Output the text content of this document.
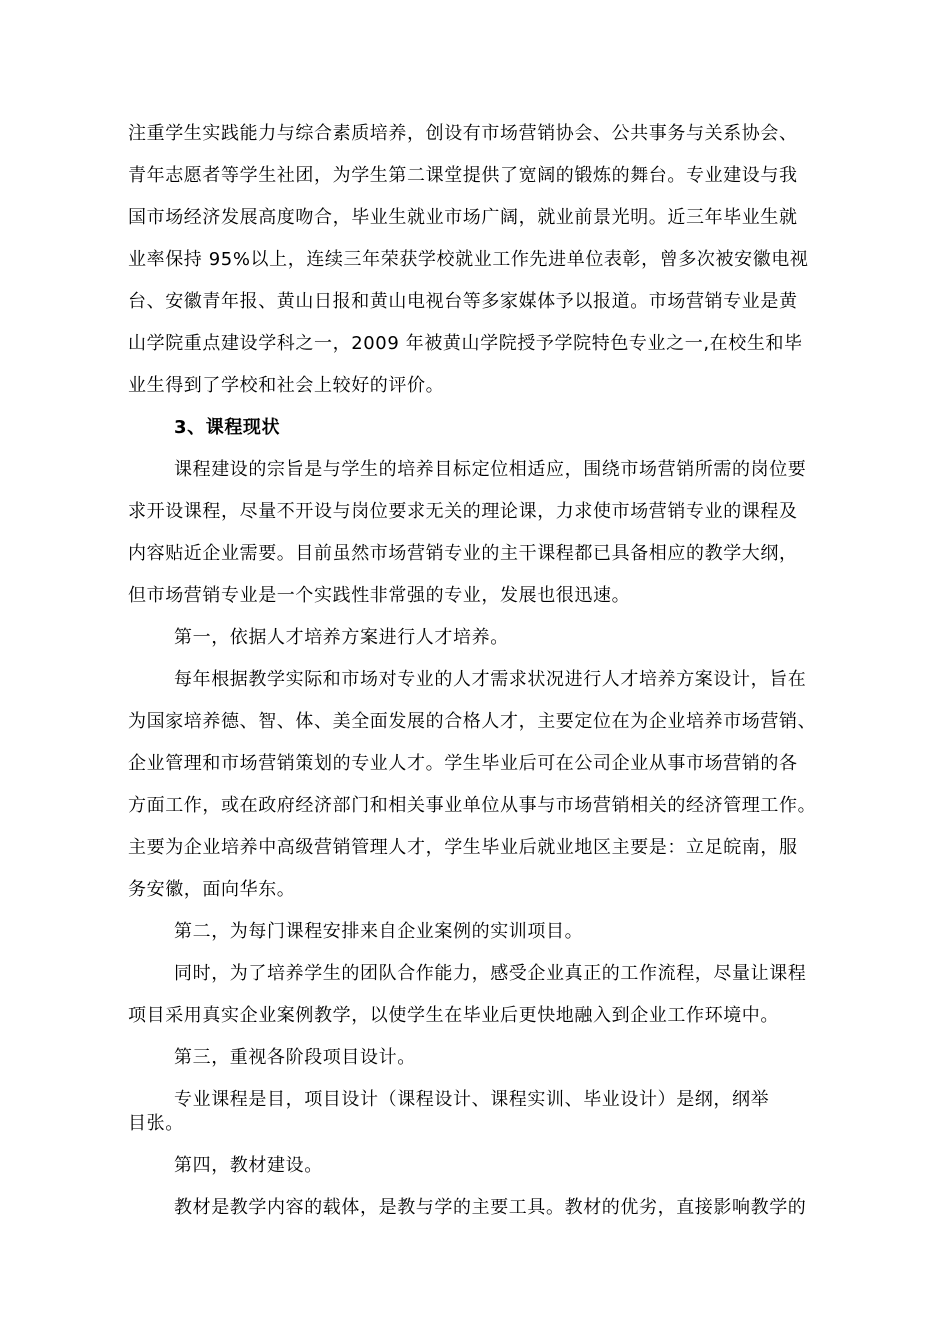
注重学生实践能力与综合素质培养，创设有市场营销协会、公共事务与关系协会、
青年志愿者等学生社团，为学生第二课堂提供了宽阔的锻炼的舞台。专业建设与我
国市场经济发展高度吻合，毕业生就业市场广阔，就业前景光明。近三年毕业生就
业率保持 95%以上，连续三年荣获学校就业工作先进单位表彰，曾多次被安徽电视
台、安徽青年报、黄山日报和黄山电视台等多家媒体予以报道。市场营销专业是黄
山学院重点建设学科之一，2009 年被黄山学院授予学院特色专业之一,在校生和毕
业生得到了学校和社会上较好的评价。
3、课程现状
课程建设的宗旨是与学生的培养目标定位相适应，围绕市场营销所需的岗位要
求开设课程，尽量不开设与岗位要求无关的理论课，力求使市场营销专业的课程及
内容贴近企业需要。目前虽然市场营销专业的主干课程都已具备相应的教学大纲，
但市场营销专业是一个实践性非常强的专业，发展也很迅速。
第一，依据人才培养方案进行人才培养。
每年根据教学实际和市场对专业的人才需求状况进行人才培养方案设计，旨在
为国家培养德、智、体、美全面发展的合格人才，主要定位在为企业培养市场营销、
企业管理和市场营销策划的专业人才。学生毕业后可在公司企业从事市场营销的各
方面工作，或在政府经济部门和相关事业单位从事与市场营销相关的经济管理工作。
主要为企业培养中高级营销管理人才，学生毕业后就业地区主要是：立足皖南，服
务安徽，面向华东。
第二，为每门课程安排来自企业案例的实训项目。
同时，为了培养学生的团队合作能力，感受企业真正的工作流程，尽量让课程
项目采用真实企业案例教学，以使学生在毕业后更快地融入到企业工作环境中。
第三，重视各阶段项目设计。
专业课程是目，项目设计（课程设计、课程实训、毕业设计）是纲，纲举
目张。
第四，教材建设。
教材是教学内容的载体，是教与学的主要工具。教材的优劣，直接影响教学的
